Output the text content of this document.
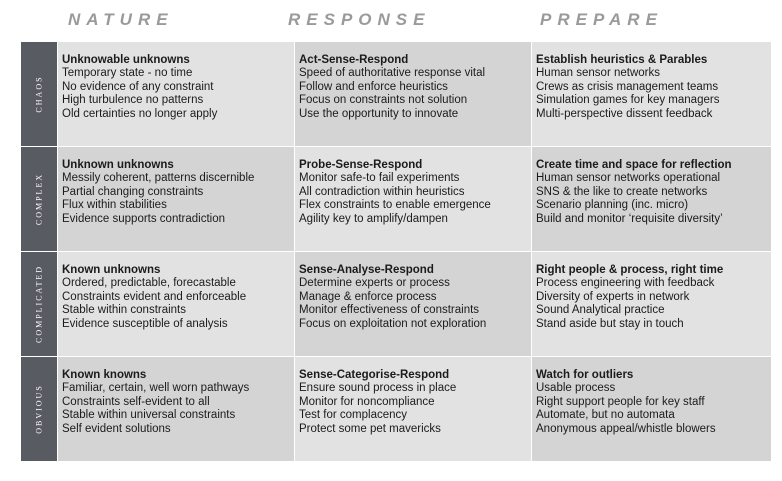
NATURE	RESPONSE	PREPARE
CHAOS
Unknowable unknowns
Temporary state - no time
No evidence of any constraint
High turbulence no patterns
Old certainties no longer apply
Act-Sense-Respond
Speed of authoritative response vital
Follow and enforce heuristics
Focus on constraints not solution
Use the opportunity to innovate
Establish heuristics & Parables
Human sensor networks
Crews as crisis management teams
Simulation games for key managers
Multi-perspective dissent feedback
COMPLEX
Unknown unknowns
Messily coherent, patterns discernible
Partial changing constraints
Flux within stabilities
Evidence supports contradiction
Probe-Sense-Respond
Monitor safe-to fail experiments
All contradiction within heuristics
Flex constraints to enable emergence
Agility key to amplify/dampen
Create time and space for reflection
Human sensor networks operational
SNS & the like to create networks
Scenario planning (inc. micro)
Build and monitor ‘requisite diversity’
COMPLICATED Known unknowns
Ordered, predictable, forecastable
Constraints evident and enforceable
Stable within constraints
Evidence susceptible of analysis
Sense-Analyse-Respond
Determine experts or process
Manage & enforce process
Monitor effectiveness of constraints
Focus on exploitation not exploration
Right people & process, right time
Process engineering with feedback
Diversity of experts in network
Sound Analytical practice
Stand aside but stay in touch
OBVIOUS
Known knowns
Familiar, certain, well worn pathways
Constraints self-evident to all
Stable within universal constraints
Self evident solutions
Sense-Categorise-Respond
Ensure sound process in place
Monitor for noncompliance
Test for complacency
Protect some pet mavericks
Watch for outliers
Usable process
Right support people for key staff
Automate, but no automata
Anonymous appeal/whistle blowers
